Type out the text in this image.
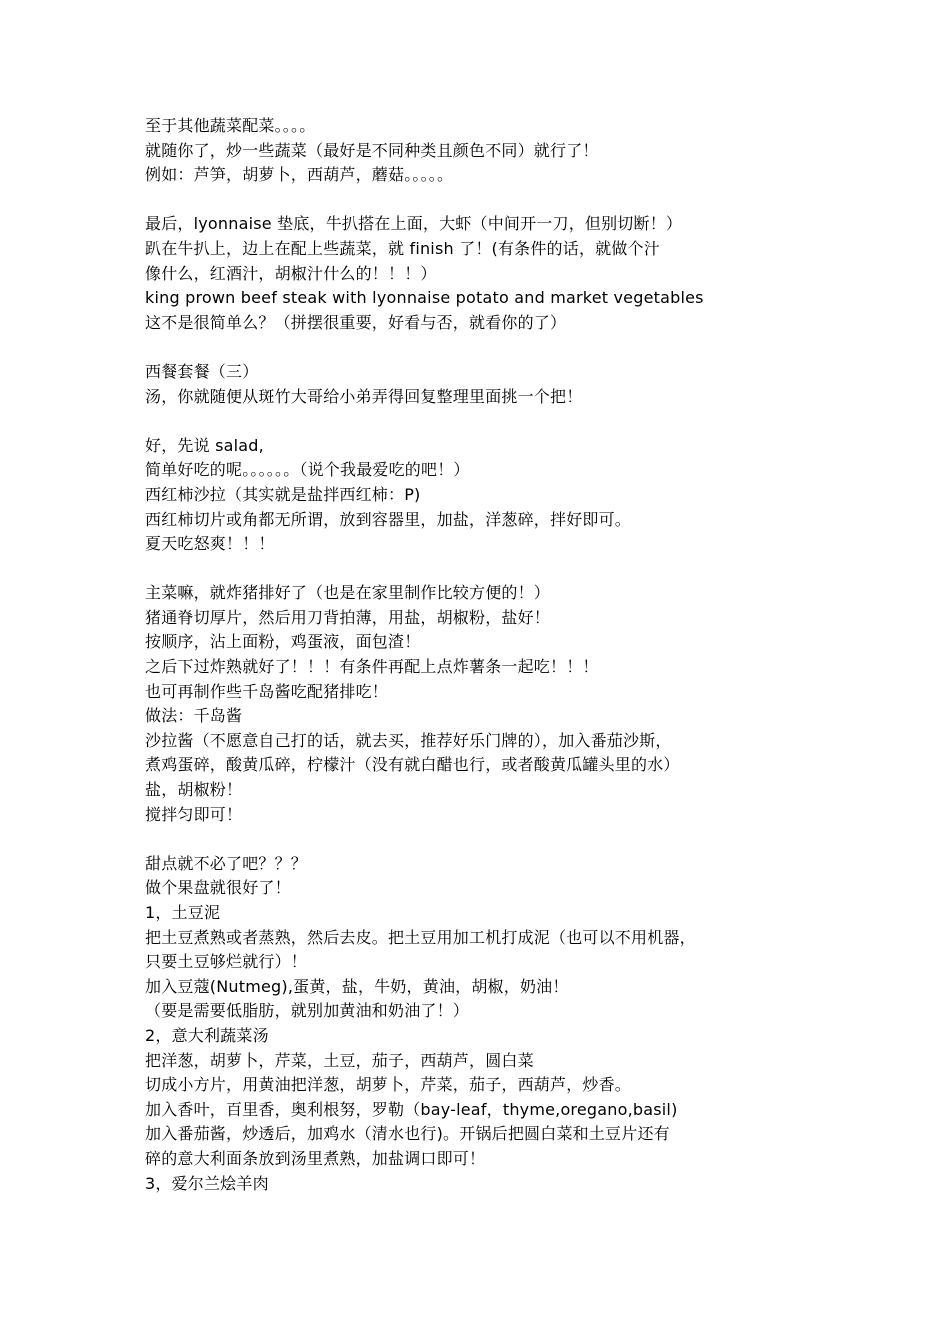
至于其他蔬菜配菜。。。。
就随你了，炒一些蔬菜（最好是不同种类且颜色不同）就行了！
例如：芦笋，胡萝卜，西葫芦，蘑菇。。。。。
最后，lyonnaise 垫底，牛扒搭在上面，大虾（中间开一刀，但别切断！）
趴在牛扒上，边上在配上些蔬菜，就 finish 了！(有条件的话，就做个汁
像什么，红酒汁，胡椒汁什么的！！！）
king prown beef steak with lyonnaise potato and market vegetables
这不是很简单么？（拼摆很重要，好看与否，就看你的了）
西餐套餐（三）
汤，你就随便从斑竹大哥给小弟弄得回复整理里面挑一个把！
好，先说 salad,
简单好吃的呢。。。。。。（说个我最爱吃的吧！）
西红柿沙拉（其实就是盐拌西红柿：P)
西红柿切片或角都无所谓，放到容器里，加盐，洋葱碎，拌好即可。
夏天吃怒爽！！！
主菜嘛，就炸猪排好了（也是在家里制作比较方便的！）
猪通脊切厚片，然后用刀背拍薄，用盐，胡椒粉，盐好！
按顺序，沾上面粉，鸡蛋液，面包渣！
之后下过炸熟就好了！！！有条件再配上点炸薯条一起吃！！！
也可再制作些千岛酱吃配猪排吃！
做法：千岛酱
沙拉酱（不愿意自己打的话，就去买，推荐好乐门牌的），加入番茄沙斯，
煮鸡蛋碎，酸黄瓜碎，柠檬汁（没有就白醋也行，或者酸黄瓜罐头里的水）
盐，胡椒粉！
搅拌匀即可！
甜点就不必了吧？？？
做个果盘就很好了！
1，土豆泥
把土豆煮熟或者蒸熟，然后去皮。把土豆用加工机打成泥（也可以不用机器，
只要土豆够烂就行）！
加入豆蔻(Nutmeg),蛋黄，盐，牛奶，黄油，胡椒，奶油！
（要是需要低脂肪，就别加黄油和奶油了！）
2，意大利蔬菜汤
把洋葱，胡萝卜，芹菜，土豆，茄子，西葫芦，圆白菜
切成小方片，用黄油把洋葱，胡萝卜，芹菜，茄子，西葫芦，炒香。
加入香叶，百里香，奥利根努，罗勒（bay-leaf，thyme,oregano,basil)
加入番茄酱，炒透后，加鸡水（清水也行)。开锅后把圆白菜和土豆片还有
碎的意大利面条放到汤里煮熟，加盐调口即可！
3，爱尔兰烩羊肉
